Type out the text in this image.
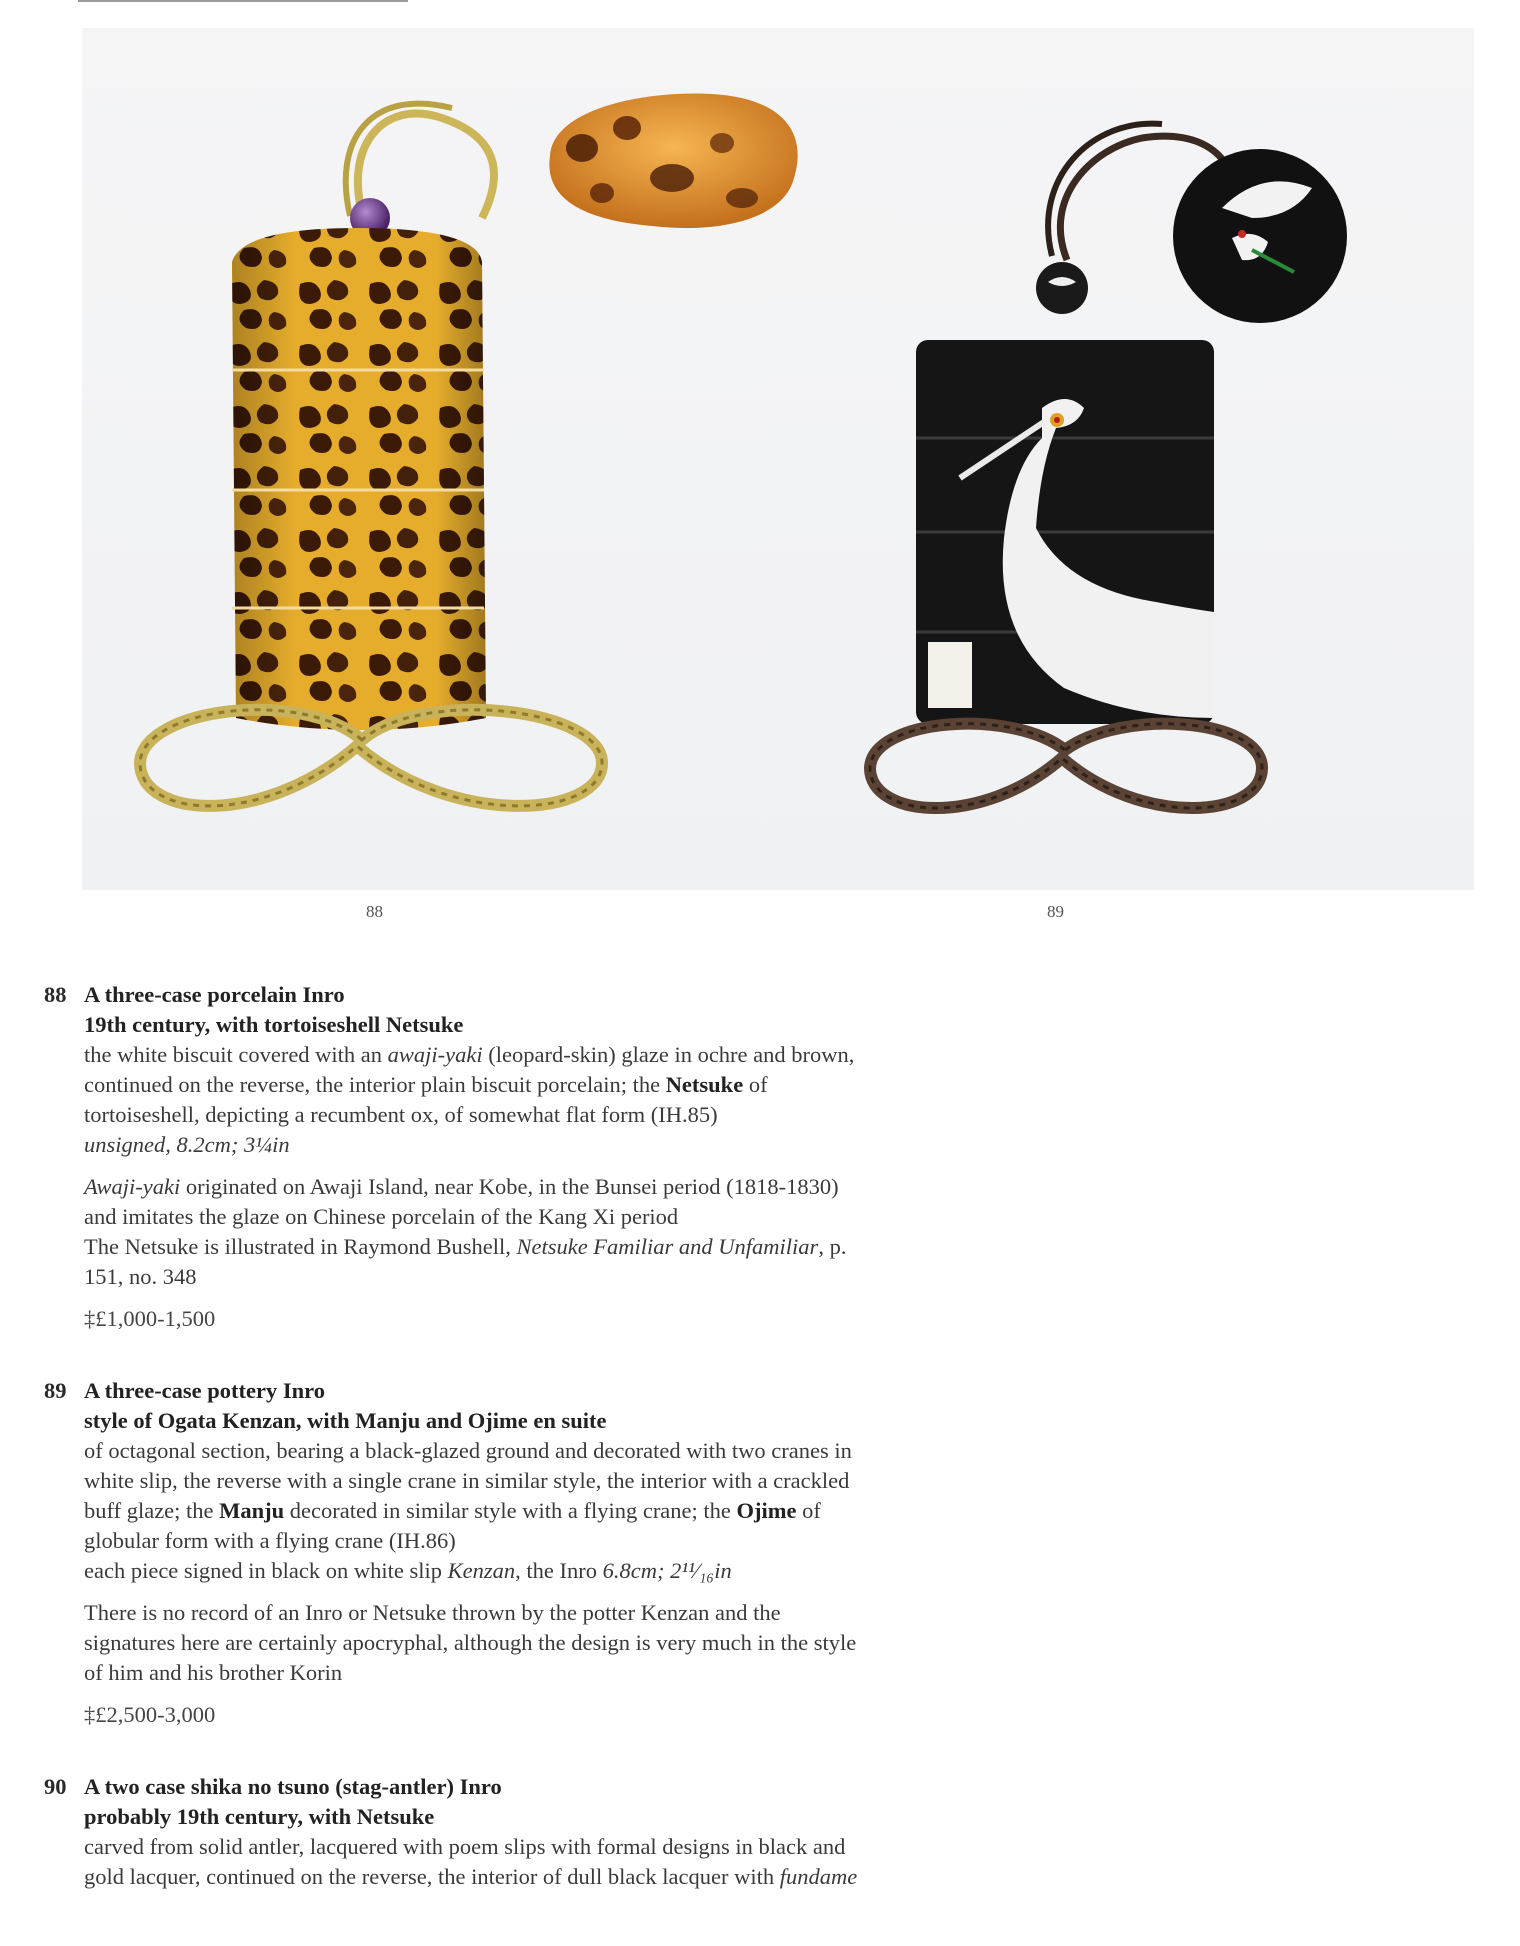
88	89
88 A three-case porcelain Inro

19th century, with tortoiseshell Netsuke

the white biscuit covered with an awaji-yaki (leopard-skin) glaze in ochre and brown,

continued on the reverse, the interior plain biscuit porcelain; the Netsuke of

tortoiseshell, depicting a recumbent ox, of somewhat flat form (IH.85)

unsigned, 8.2cm; 3¼in

Awaji-yaki originated on Awaji Island, near Kobe, in the Bunsei period (1818-1830)

and imitates the glaze on Chinese porcelain of the Kang Xi period

The Netsuke is illustrated in Raymond Bushell, Netsuke Familiar and Unfamiliar, p.

151, no. 348

‡£1,000-1,500

89 A three-case pottery Inro

style of Ogata Kenzan, with Manju and Ojime en suite

of octagonal section, bearing a black-glazed ground and decorated with two cranes in

white slip, the reverse with a single crane in similar style, the interior with a crackled

buff glaze; the Manju decorated in similar style with a flying crane; the Ojime of

globular form with a flying crane (IH.86)

each piece signed in black on white slip Kenzan, the Inro 6.8cm; 2¹¹⁄₁₆in

There is no record of an Inro or Netsuke thrown by the potter Kenzan and the

signatures here are certainly apocryphal, although the design is very much in the style

of him and his brother Korin

‡£2,500-3,000

90 A two case shika no tsuno (stag-antler) Inro

probably 19th century, with Netsuke

carved from solid antler, lacquered with poem slips with formal designs in black and

gold lacquer, continued on the reverse, the interior of dull black lacquer with fundame
